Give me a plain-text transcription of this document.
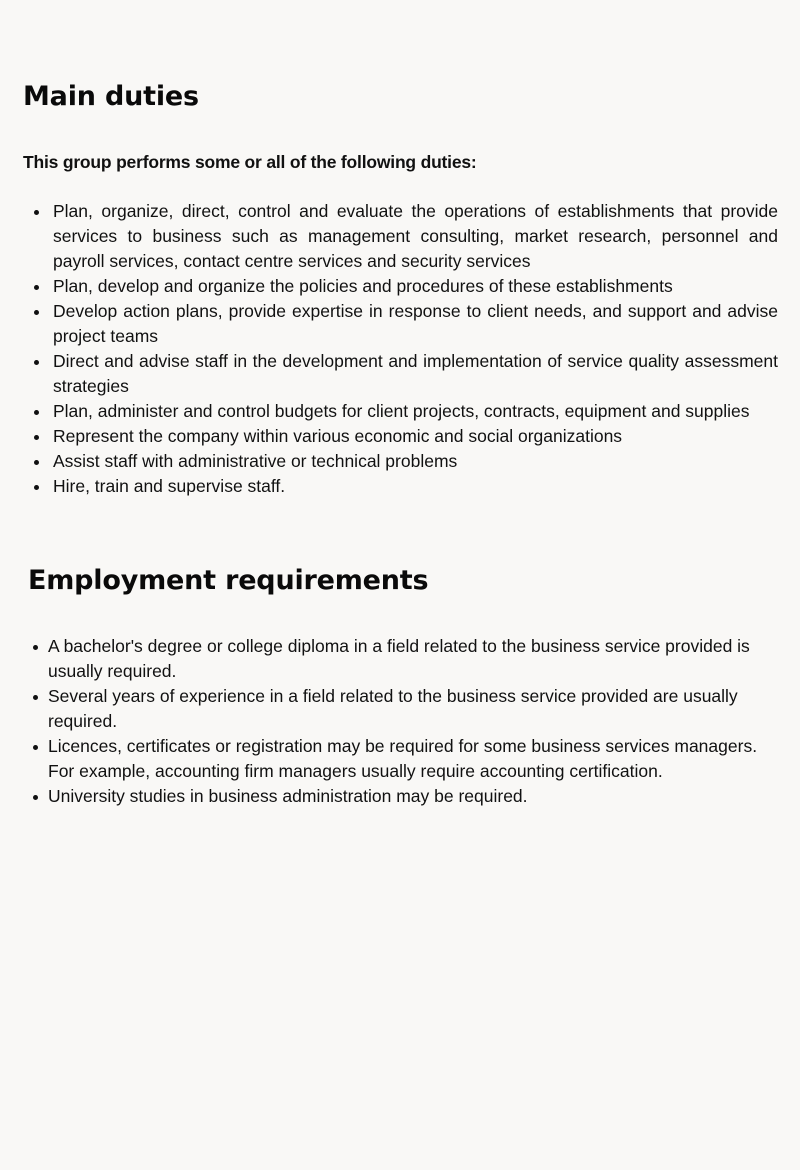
Main duties

This group performs some or all of the following duties:

Plan, organize, direct, control and evaluate the operations of establishments that provide services to business such as management consulting, market research, personnel and payroll services, contact centre services and security services
Plan, develop and organize the policies and procedures of these establishments
Develop action plans, provide expertise in response to client needs, and support and advise project teams
Direct and advise staff in the development and implementation of service quality assessment strategies
Plan, administer and control budgets for client projects, contracts, equipment and supplies
Represent the company within various economic and social organizations
Assist staff with administrative or technical problems
Hire, train and supervise staff.
Employment requirements
A bachelor's degree or college diploma in a field related to the business service provided is usually required.
Several years of experience in a field related to the business service provided are usually required.
Licences, certificates or registration may be required for some business services managers. For example, accounting firm managers usually require accounting certification.
University studies in business administration may be required.
